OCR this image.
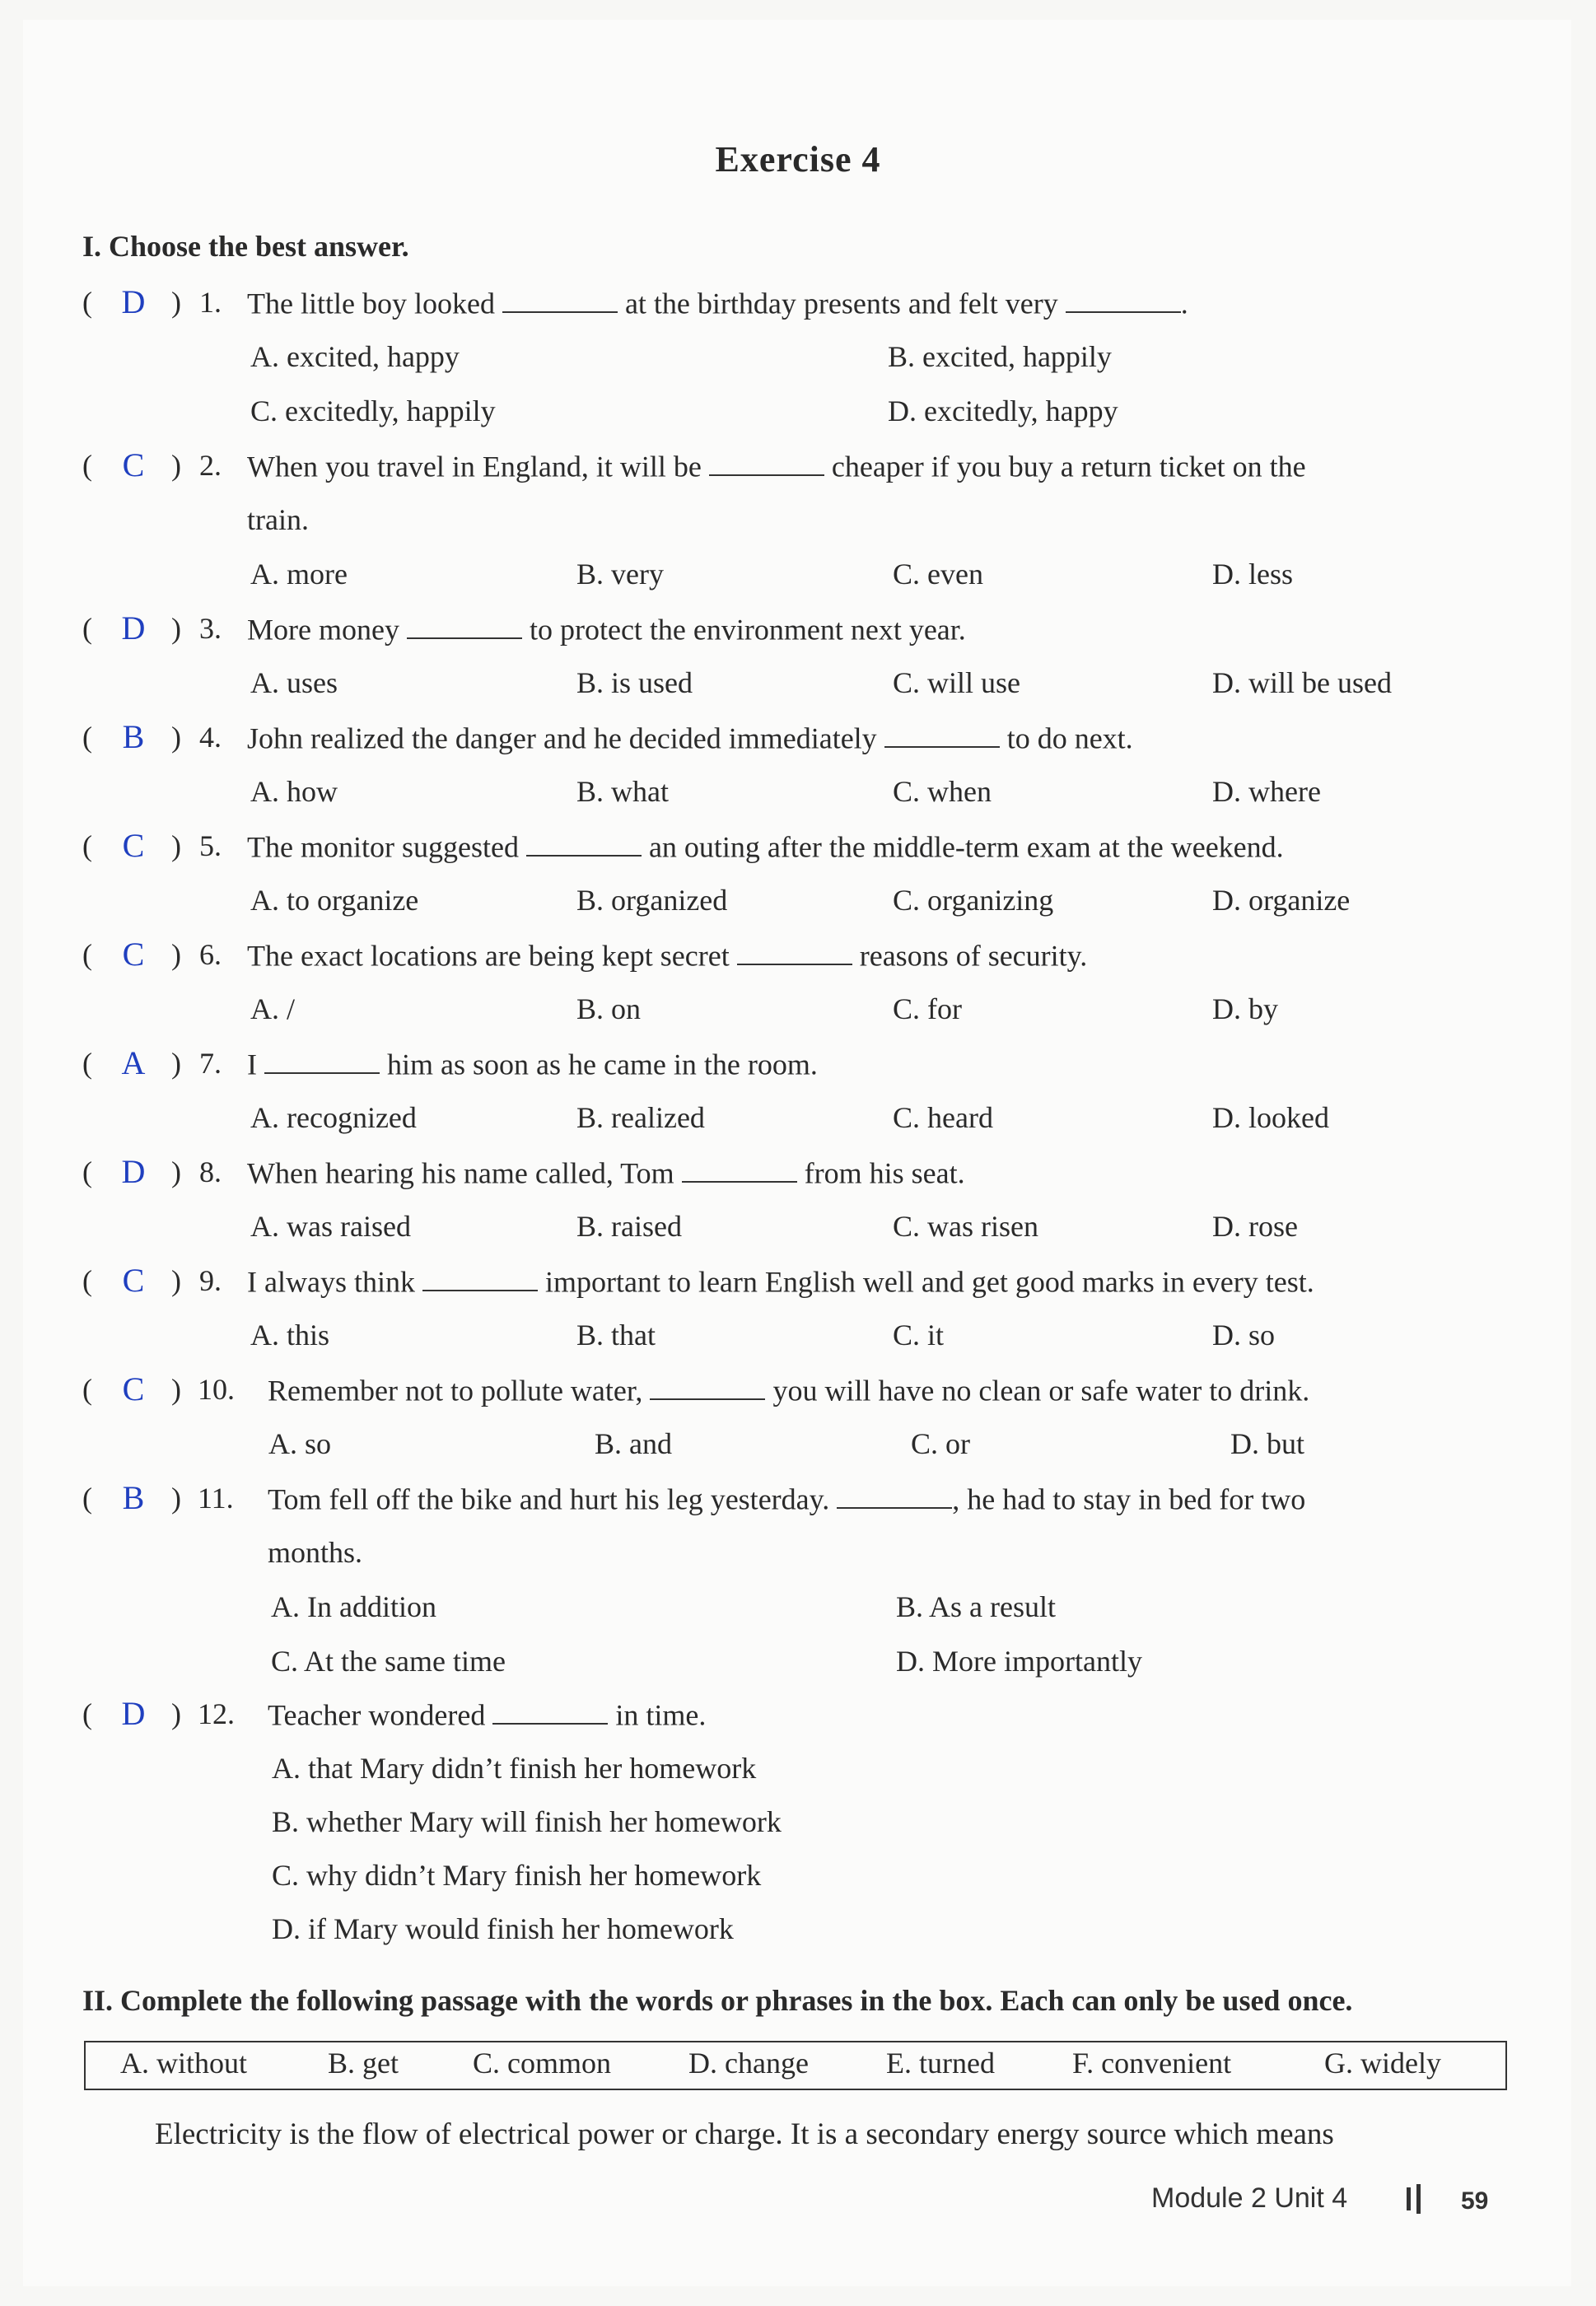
Exercise 4
I. Choose the best answer.
( D ) 1. The little boy looked	at the birthday presents and felt very	.
A. excited, happy	B. excited, happily
C. excitedly, happily	D. excitedly, happy
( C ) 2. When you travel in England, it will be	cheaper if you buy a return ticket on the
train.
A. more	B. very	C. even	D. less
( D ) 3. More money	to protect the environment next year.
A. uses	B. is used	C. will use	D. will be used
( B ) 4. John realized the danger and he decided immediately	to do next.
A. how	B. what	C. when	D. where
( C ) 5. The monitor suggested	an outing after the middle-term exam at the weekend.
A. to organize	B. organized	C. organizing	D. organize
( C ) 6. The exact locations are being kept secret	reasons of security.
A. /	B. on	C. for	D. by
( A ) 7. I	him as soon as he came in the room.
A. recognized	B. realized	C. heard	D. looked
( D ) 8. When hearing his name called, Tom	from his seat.
A. was raised	B. raised	C. was risen	D. rose
( C ) 9. I always think	important to learn English well and get good marks in every test.
A. this	B. that	C. it	D. so
( C ) 10. Remember not to pollute water,	you will have no clean or safe water to drink.
A. so	B. and	C. or	D. but
( B ) 11. Tom fell off the bike and hurt his leg yesterday.	, he had to stay in bed for two
months.
A. In addition	B. As a result
C. At the same time	D. More importantly
( D ) 12. Teacher wondered	in time.
A. that Mary didn’t finish her homework
B. whether Mary will finish her homework
C. why didn’t Mary finish her homework
D. if Mary would finish her homework
II. Complete the following passage with the words or phrases in the box. Each can only be used once.
A. without	B. get	C. common	D. change	E. turned	F. convenient	G. widely
Electricity is the flow of electrical power or charge. It is a secondary energy source which means
Module 2 Unit 4	59
